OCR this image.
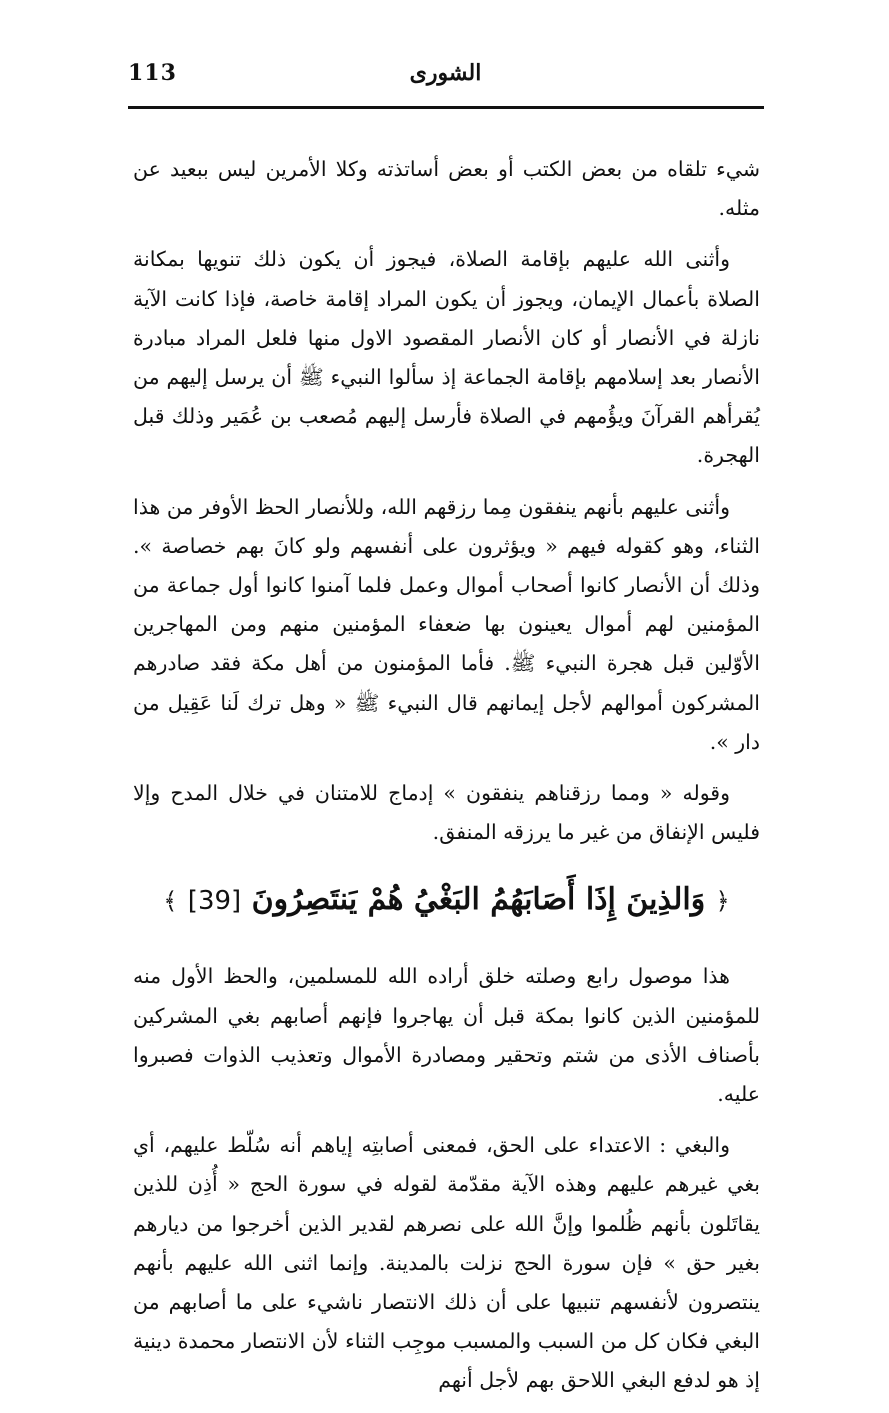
113	الشورى

شيء تلقاه من بعض الكتب أو بعض أساتذته وكلا الأمرين ليس ببعيد عن مثله.

وأثنى الله عليهم بإقامة الصلاة، فيجوز أن يكون ذلك تنويها بمكانة الصلاة بأعمال الإيمان، ويجوز أن يكون المراد إقامة خاصة، فإذا كانت الآية نازلة في الأنصار أو كان الأنصار المقصود الاول منها فلعل المراد مبادرة الأنصار بعد إسلامهم بإقامة الجماعة إذ سألوا النبيء ﷺ أن يرسل إليهم من يُقرأهم القرآنَ ويؤُمهم في الصلاة فأرسل إليهم مُصعب بن عُمَير وذلك قبل الهجرة.

وأثنى عليهم بأنهم ينفقون مِما رزقهم الله، وللأنصار الحظ الأوفر من هذا الثناء، وهو كقوله فيهم « ويؤثرون على أنفسهم ولو كانَ بهم خصاصة ». وذلك أن الأنصار كانوا أصحاب أموال وعمل فلما آمنوا كانوا أول جماعة من المؤمنين لهم أموال يعينون بها ضعفاء المؤمنين منهم ومن المهاجرين الأوّلين قبل هجرة النبيء ﷺ. فأما المؤمنون من أهل مكة فقد صادرهم المشركون أموالهم لأجل إيمانهم قال النبيء ﷺ « وهل ترك لَنا عَقِيل من دار ».

وقوله « ومما رزقناهم ينفقون » إدماج للامتنان في خلال المدح وإلا فليس الإنفاق من غير ما يرزقه المنفق.

﴿ وَالذِينَ إِذَا أَصَابَهُمُ البَغْيُ هُمْ يَنتَصِرُونَ [39] ﴾

هذا موصول رابع وصلته خلق أراده الله للمسلمين، والحظ الأول منه للمؤمنين الذين كانوا بمكة قبل أن يهاجروا فإنهم أصابهم بغي المشركين بأصناف الأذى من شتم وتحقير ومصادرة الأموال وتعذيب الذوات فصبروا عليه.

والبغي : الاعتداء على الحق، فمعنى أصابتِه إياهم أنه سُلّط عليهم، أي بغي غيرهم عليهم وهذه الآية مقدّمة لقوله في سورة الحج « أُذِن للذين يقاتَلون بأنهم ظُلموا وإنَّ الله على نصرهم لقدير الذين أخرجوا من ديارهم بغير حق » فإن سورة الحج نزلت بالمدينة. وإنما اثنى الله عليهم بأنهم ينتصرون لأنفسهم تنبيها على أن ذلك الانتصار ناشيء على ما أصابهم من البغي فكان كل من السبب والمسبب موجِب الثناء لأن الانتصار محمدة دينية إذ هو لدفع البغي اللاحق بهم لأجل أنهم
